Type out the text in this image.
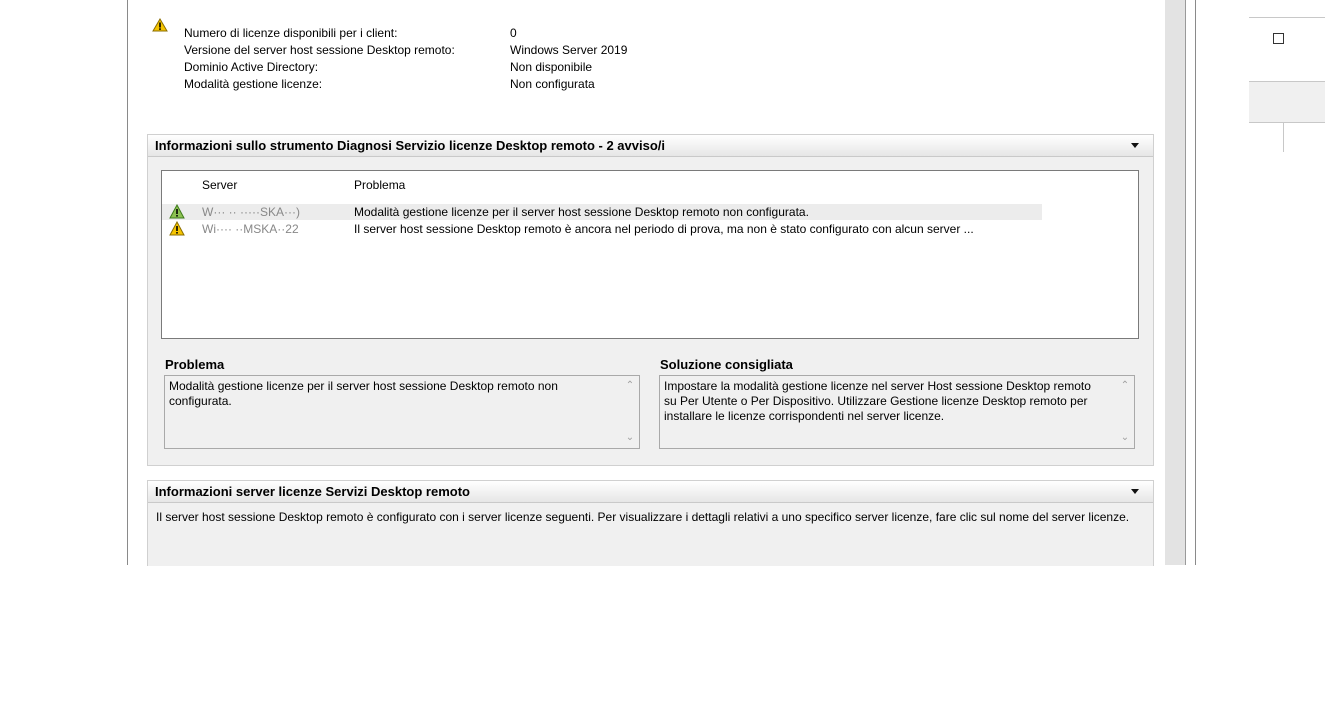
Numero di licenze disponibili per i client:	0
Versione del server host sessione Desktop remoto:	Windows Server 2019
Dominio Active Directory:	Non disponibile
Modalità gestione licenze:	Non configurata
Informazioni sullo strumento Diagnosi Servizio licenze Desktop remoto - 2 avviso/i
Server	Problema
W··· ·· ·····SKA···)	Modalità gestione licenze per il server host sessione Desktop remoto non configurata.
Wi···· ··MSKA··22	Il server host sessione Desktop remoto è ancora nel periodo di prova, ma non è stato configurato con alcun server ...
Problema
Modalità gestione licenze per il server host sessione Desktop remoto non configurata.
⌃
⌄
Soluzione consigliata
Impostare la modalità gestione licenze nel server Host sessione Desktop remoto su Per Utente o Per Dispositivo. Utilizzare Gestione licenze Desktop remoto per installare le licenze corrispondenti nel server licenze.
⌃
⌄
Informazioni server licenze Servizi Desktop remoto
Il server host sessione Desktop remoto è configurato con i server licenze seguenti. Per visualizzare i dettagli relativi a uno specifico server licenze, fare clic sul nome del server licenze.
